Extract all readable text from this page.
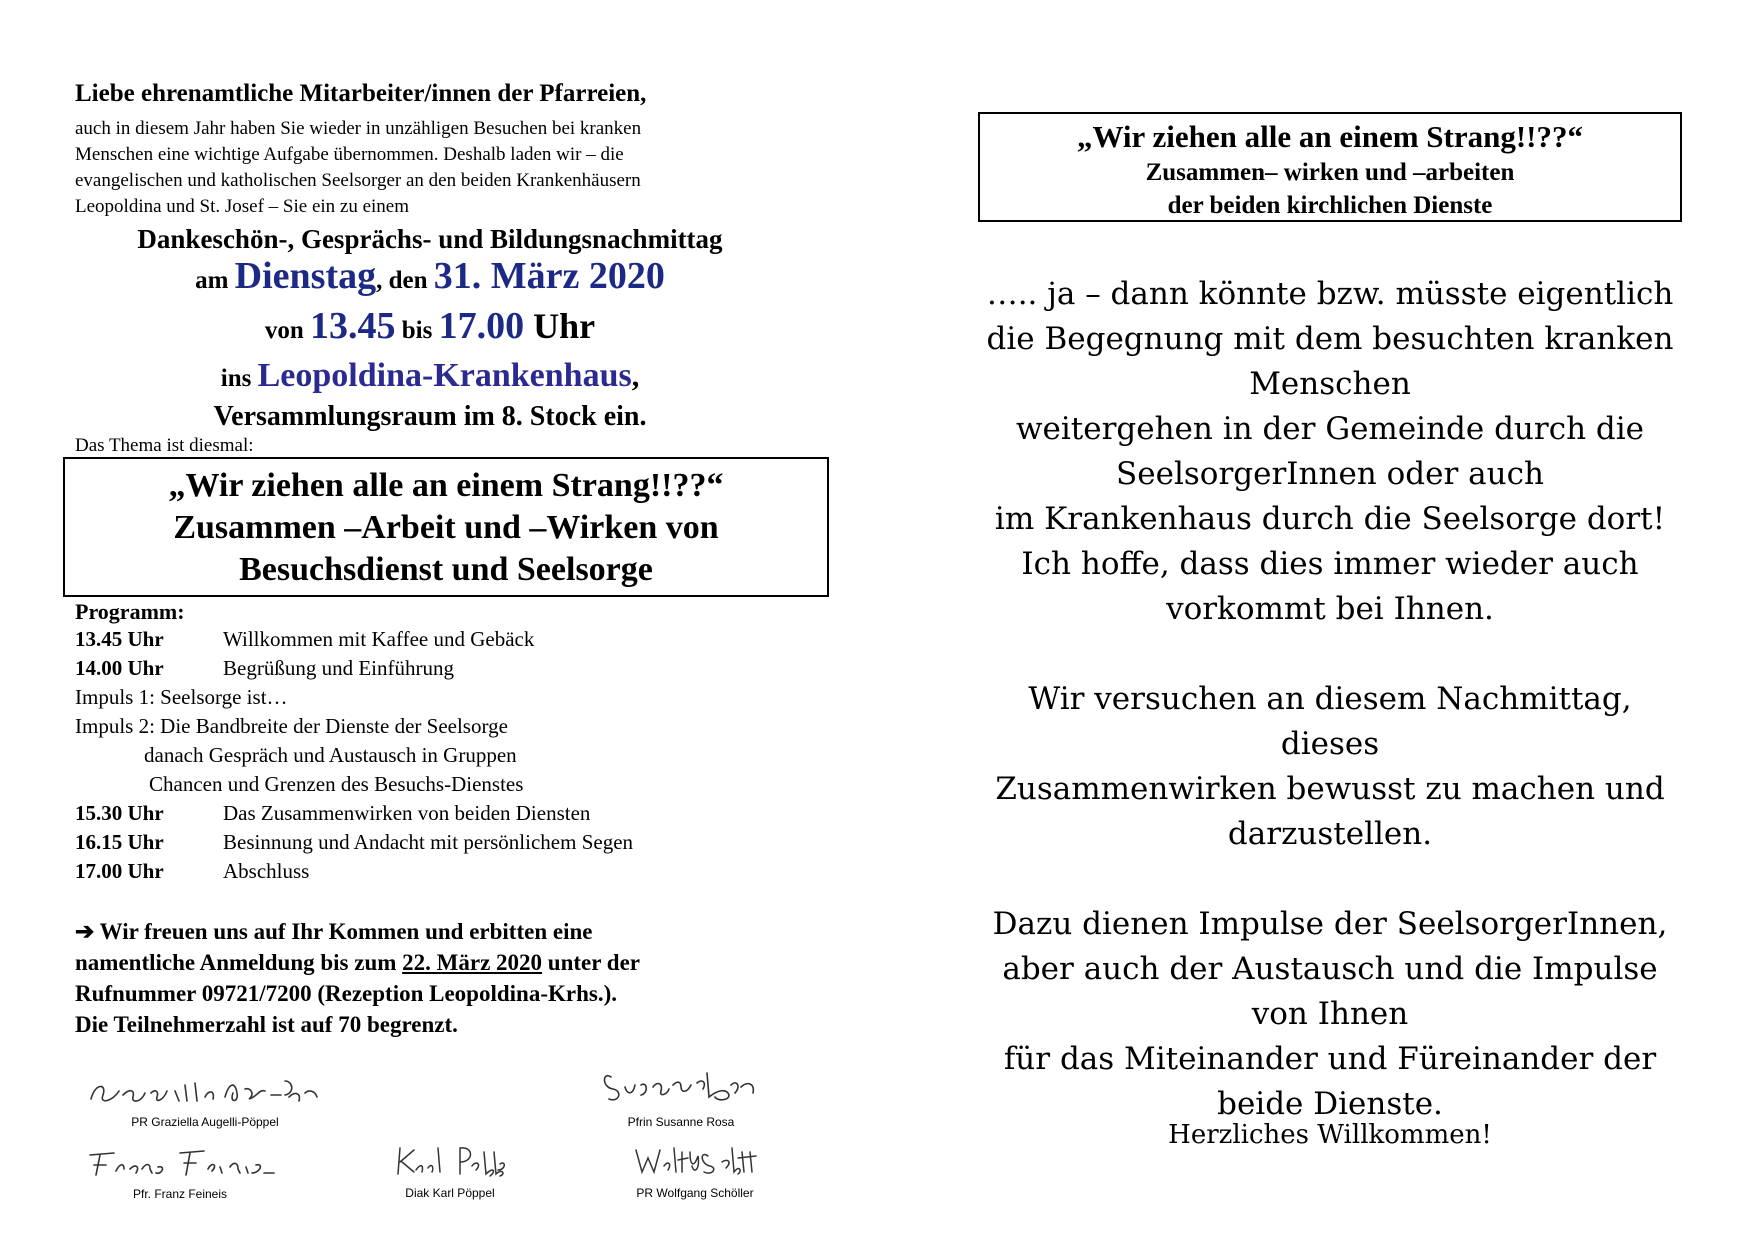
Liebe ehrenamtliche Mitarbeiter/innen der Pfarreien,
auch in diesem Jahr haben Sie wieder in unzähligen Besuchen bei kranken
Menschen eine wichtige Aufgabe übernommen. Deshalb laden wir – die
evangelischen und katholischen Seelsorger an den beiden Krankenhäusern
Leopoldina und St. Josef – Sie ein zu einem
Dankeschön-, Gesprächs- und Bildungsnachmittag
am Dienstag, den 31. März 2020
von 13.45 bis 17.00 Uhr
ins Leopoldina-Krankenhaus,
Versammlungsraum im 8. Stock ein.
Das Thema ist diesmal:
„Wir ziehen alle an einem Strang!!??“
Zusammen –Arbeit und –Wirken von
Besuchsdienst und Seelsorge
Programm:
13.45 Uhr	Willkommen mit Kaffee und Gebäck
14.00 Uhr	Begrüßung und Einführung
Impuls 1: Seelsorge ist…
Impuls 2: Die Bandbreite der Dienste der Seelsorge
danach Gespräch und Austausch in Gruppen
Chancen und Grenzen des Besuchs-Dienstes
15.30 Uhr	Das Zusammenwirken von beiden Diensten
16.15 Uhr	Besinnung und Andacht mit persönlichem Segen
17.00 Uhr	Abschluss
➔ Wir freuen uns auf Ihr Kommen und erbitten eine
namentliche Anmeldung bis zum 22. März 2020 unter der
Rufnummer 09721/7200 (Rezeption Leopoldina-Krhs.).
Die Teilnehmerzahl ist auf 70 begrenzt.
PR Graziella Augelli-Pöppel	Pfrin Susanne Rosa
Pfr. Franz Feineis	Diak Karl Pöppel	PR Wolfgang Schöller
„Wir ziehen alle an einem Strang!!??“
Zusammen– wirken und –arbeiten
der beiden kirchlichen Dienste

….. ja – dann könnte bzw. müsste eigentlich

die Begegnung mit dem besuchten kranken

Menschen

weitergehen in der Gemeinde durch die

SeelsorgerInnen oder auch

im Krankenhaus durch die Seelsorge dort!

Ich hoffe, dass dies immer wieder auch

vorkommt bei Ihnen.

Wir versuchen an diesem Nachmittag, dieses

Zusammenwirken bewusst zu machen und

darzustellen.

Dazu dienen Impulse der SeelsorgerInnen,

aber auch der Austausch und die Impulse

von Ihnen

für das Miteinander und Füreinander der

beide Dienste.

Herzliches Willkommen!
